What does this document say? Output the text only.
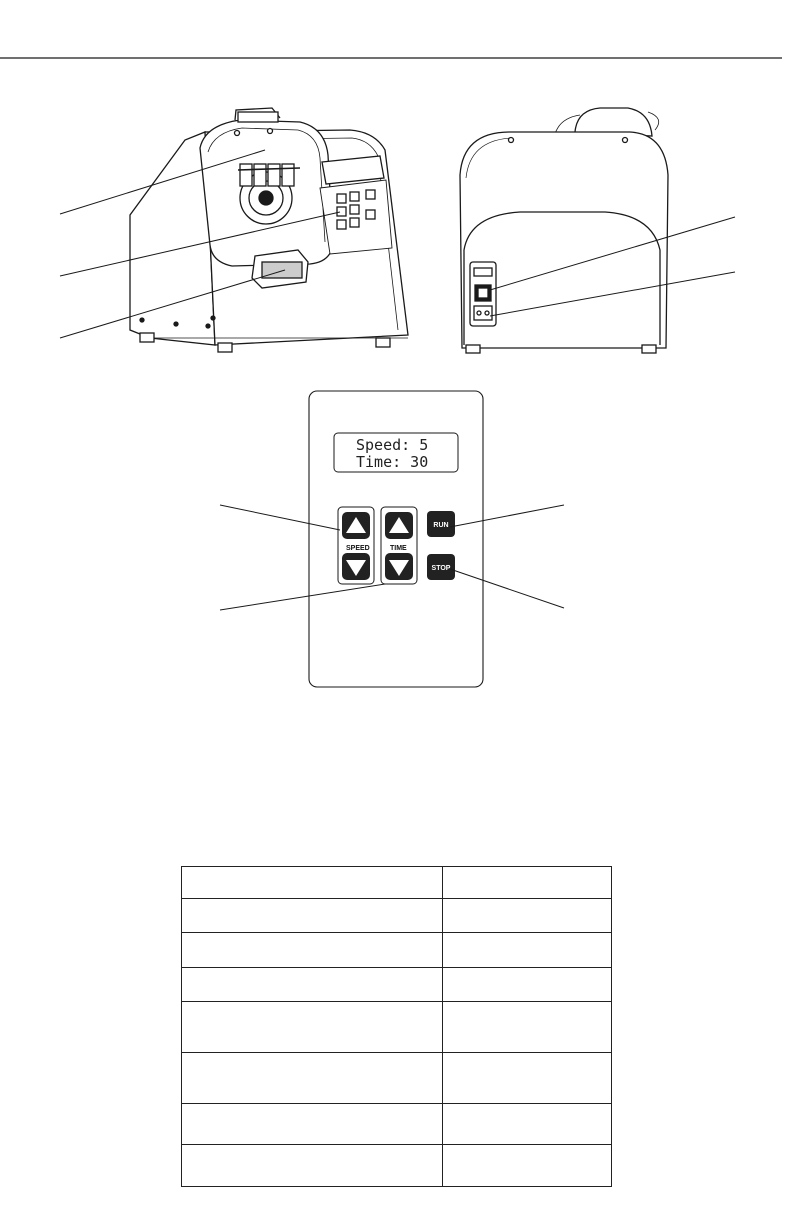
Speed: 5
Time: 30
SPEED	TIME
RUN
STOP
